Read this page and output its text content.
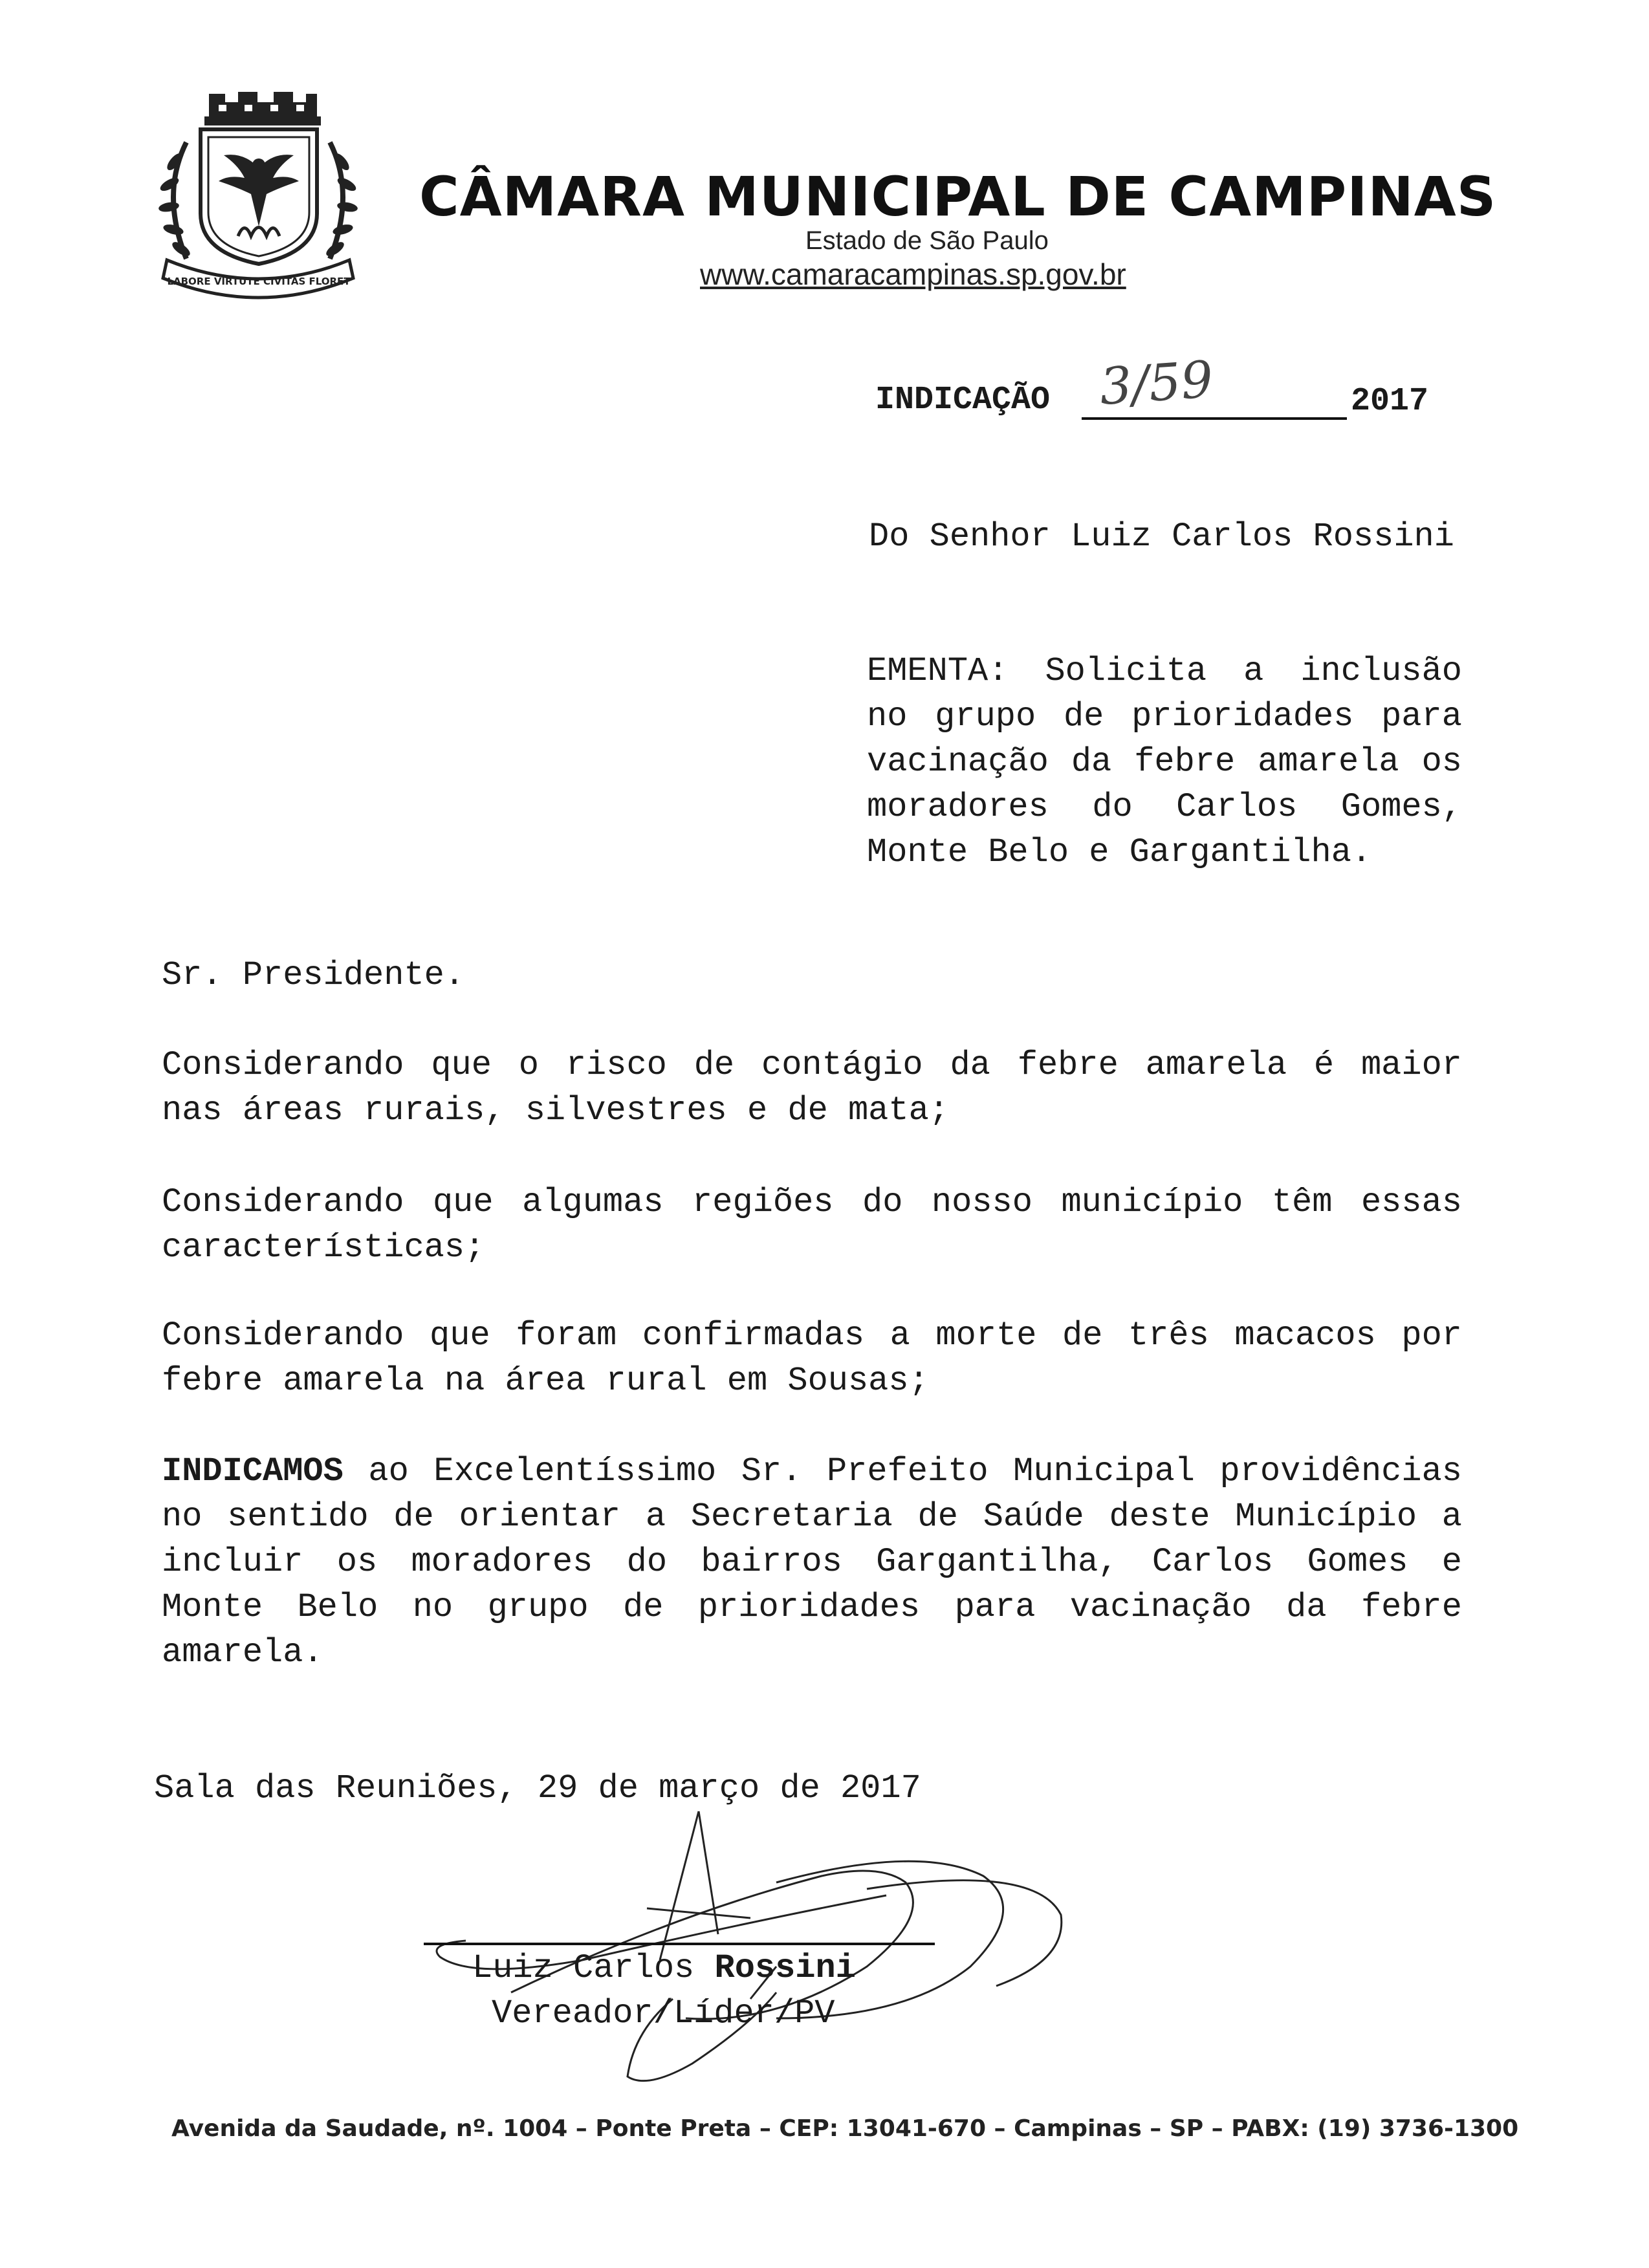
LABORE VIRTUTE CIVITAS FLORET
CÂMARA MUNICIPAL DE CAMPINAS
Estado de São Paulo
www.camaracampinas.sp.gov.br
INDICAÇÃO 3/59	2017
Do Senhor Luiz Carlos Rossini
EMENTA: Solicita a inclusão no grupo de prioridades para vacinação da febre amarela os moradores do Carlos Gomes, Monte Belo e Gargantilha.
Sr. Presidente.
Considerando que o risco de contágio da febre amarela é maior nas áreas rurais, silvestres e de mata;
Considerando que algumas regiões do nosso município têm essas características;
Considerando que foram confirmadas a morte de três macacos por febre amarela na área rural em Sousas;
INDICAMOS ao Excelentíssimo Sr. Prefeito Municipal providências no sentido de orientar a Secretaria de Saúde deste Município a incluir os moradores do bairros Gargantilha, Carlos Gomes e Monte Belo no grupo de prioridades para vacinação da febre amarela.
Sala das Reuniões, 29 de março de 2017
Luiz Carlos Rossini
Vereador/Líder/PV
Avenida da Saudade, nº. 1004 – Ponte Preta – CEP: 13041-670 – Campinas – SP – PABX: (19) 3736-1300
